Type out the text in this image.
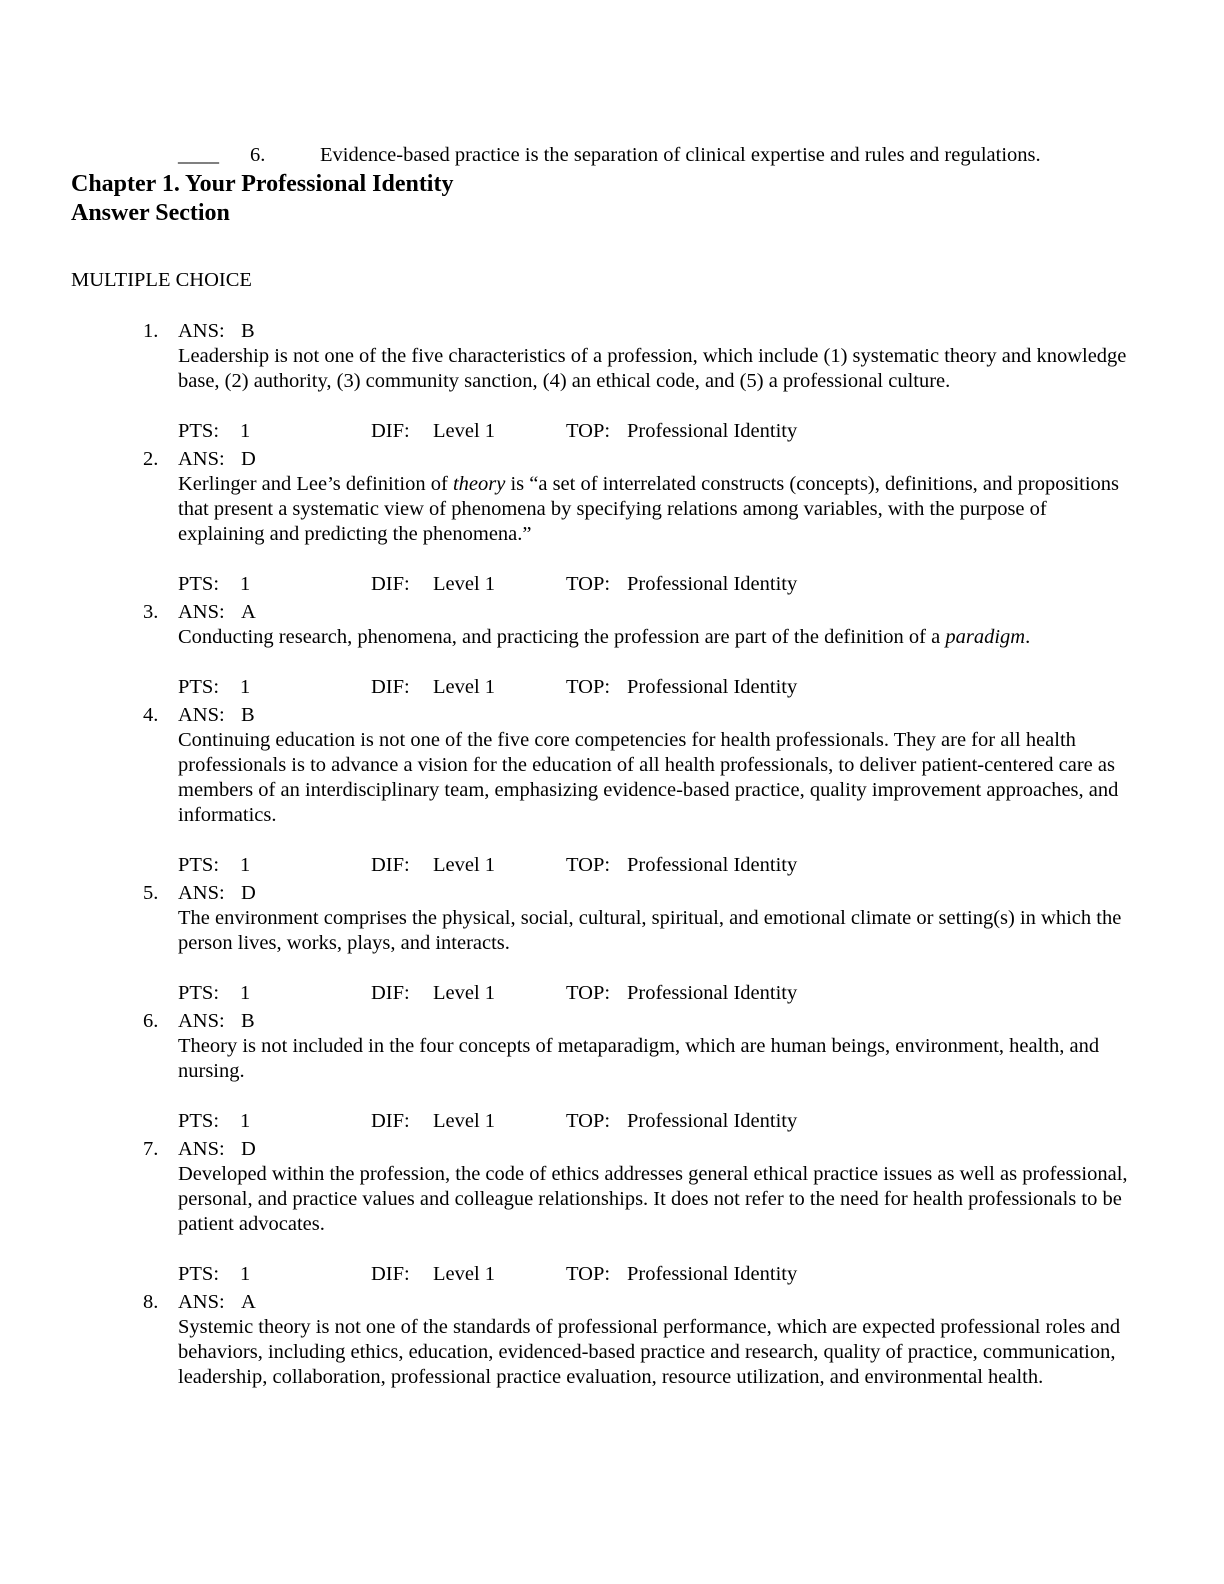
____ 6.	Evidence-based practice is the separation of clinical expertise and rules and regulations.
Chapter 1. Your Professional Identity
Answer Section
MULTIPLE CHOICE
1. ANS: B
Leadership is not one of the five characteristics of a profession, which include (1) systematic theory and knowledge base, (2) authority, (3) community sanction, (4) an ethical code, and (5) a professional culture.
PTS: 1	DIF: Level 1	TOP: Professional Identity
2. ANS: D
Kerlinger and Lee’s definition of theory is “a set of interrelated constructs (concepts), definitions, and propositions that present a systematic view of phenomena by specifying relations among variables, with the purpose of explaining and predicting the phenomena.”
PTS: 1	DIF: Level 1	TOP: Professional Identity
3. ANS: A
Conducting research, phenomena, and practicing the profession are part of the definition of a paradigm.
PTS: 1	DIF: Level 1	TOP: Professional Identity
4. ANS: B
Continuing education is not one of the five core competencies for health professionals. They are for all health professionals is to advance a vision for the education of all health professionals, to deliver patient-centered care as members of an interdisciplinary team, emphasizing evidence-based practice, quality improvement approaches, and informatics.
PTS: 1	DIF: Level 1	TOP: Professional Identity
5. ANS: D
The environment comprises the physical, social, cultural, spiritual, and emotional climate or setting(s) in which the person lives, works, plays, and interacts.
PTS: 1	DIF: Level 1	TOP: Professional Identity
6. ANS: B
Theory is not included in the four concepts of metaparadigm, which are human beings, environment, health, and nursing.
PTS: 1	DIF: Level 1	TOP: Professional Identity
7. ANS: D
Developed within the profession, the code of ethics addresses general ethical practice issues as well as professional, personal, and practice values and colleague relationships. It does not refer to the need for health professionals to be patient advocates.
PTS: 1	DIF: Level 1	TOP: Professional Identity
8. ANS: A
Systemic theory is not one of the standards of professional performance, which are expected professional roles and behaviors, including ethics, education, evidenced-based practice and research, quality of practice, communication, leadership, collaboration, professional practice evaluation, resource utilization, and environmental health.
